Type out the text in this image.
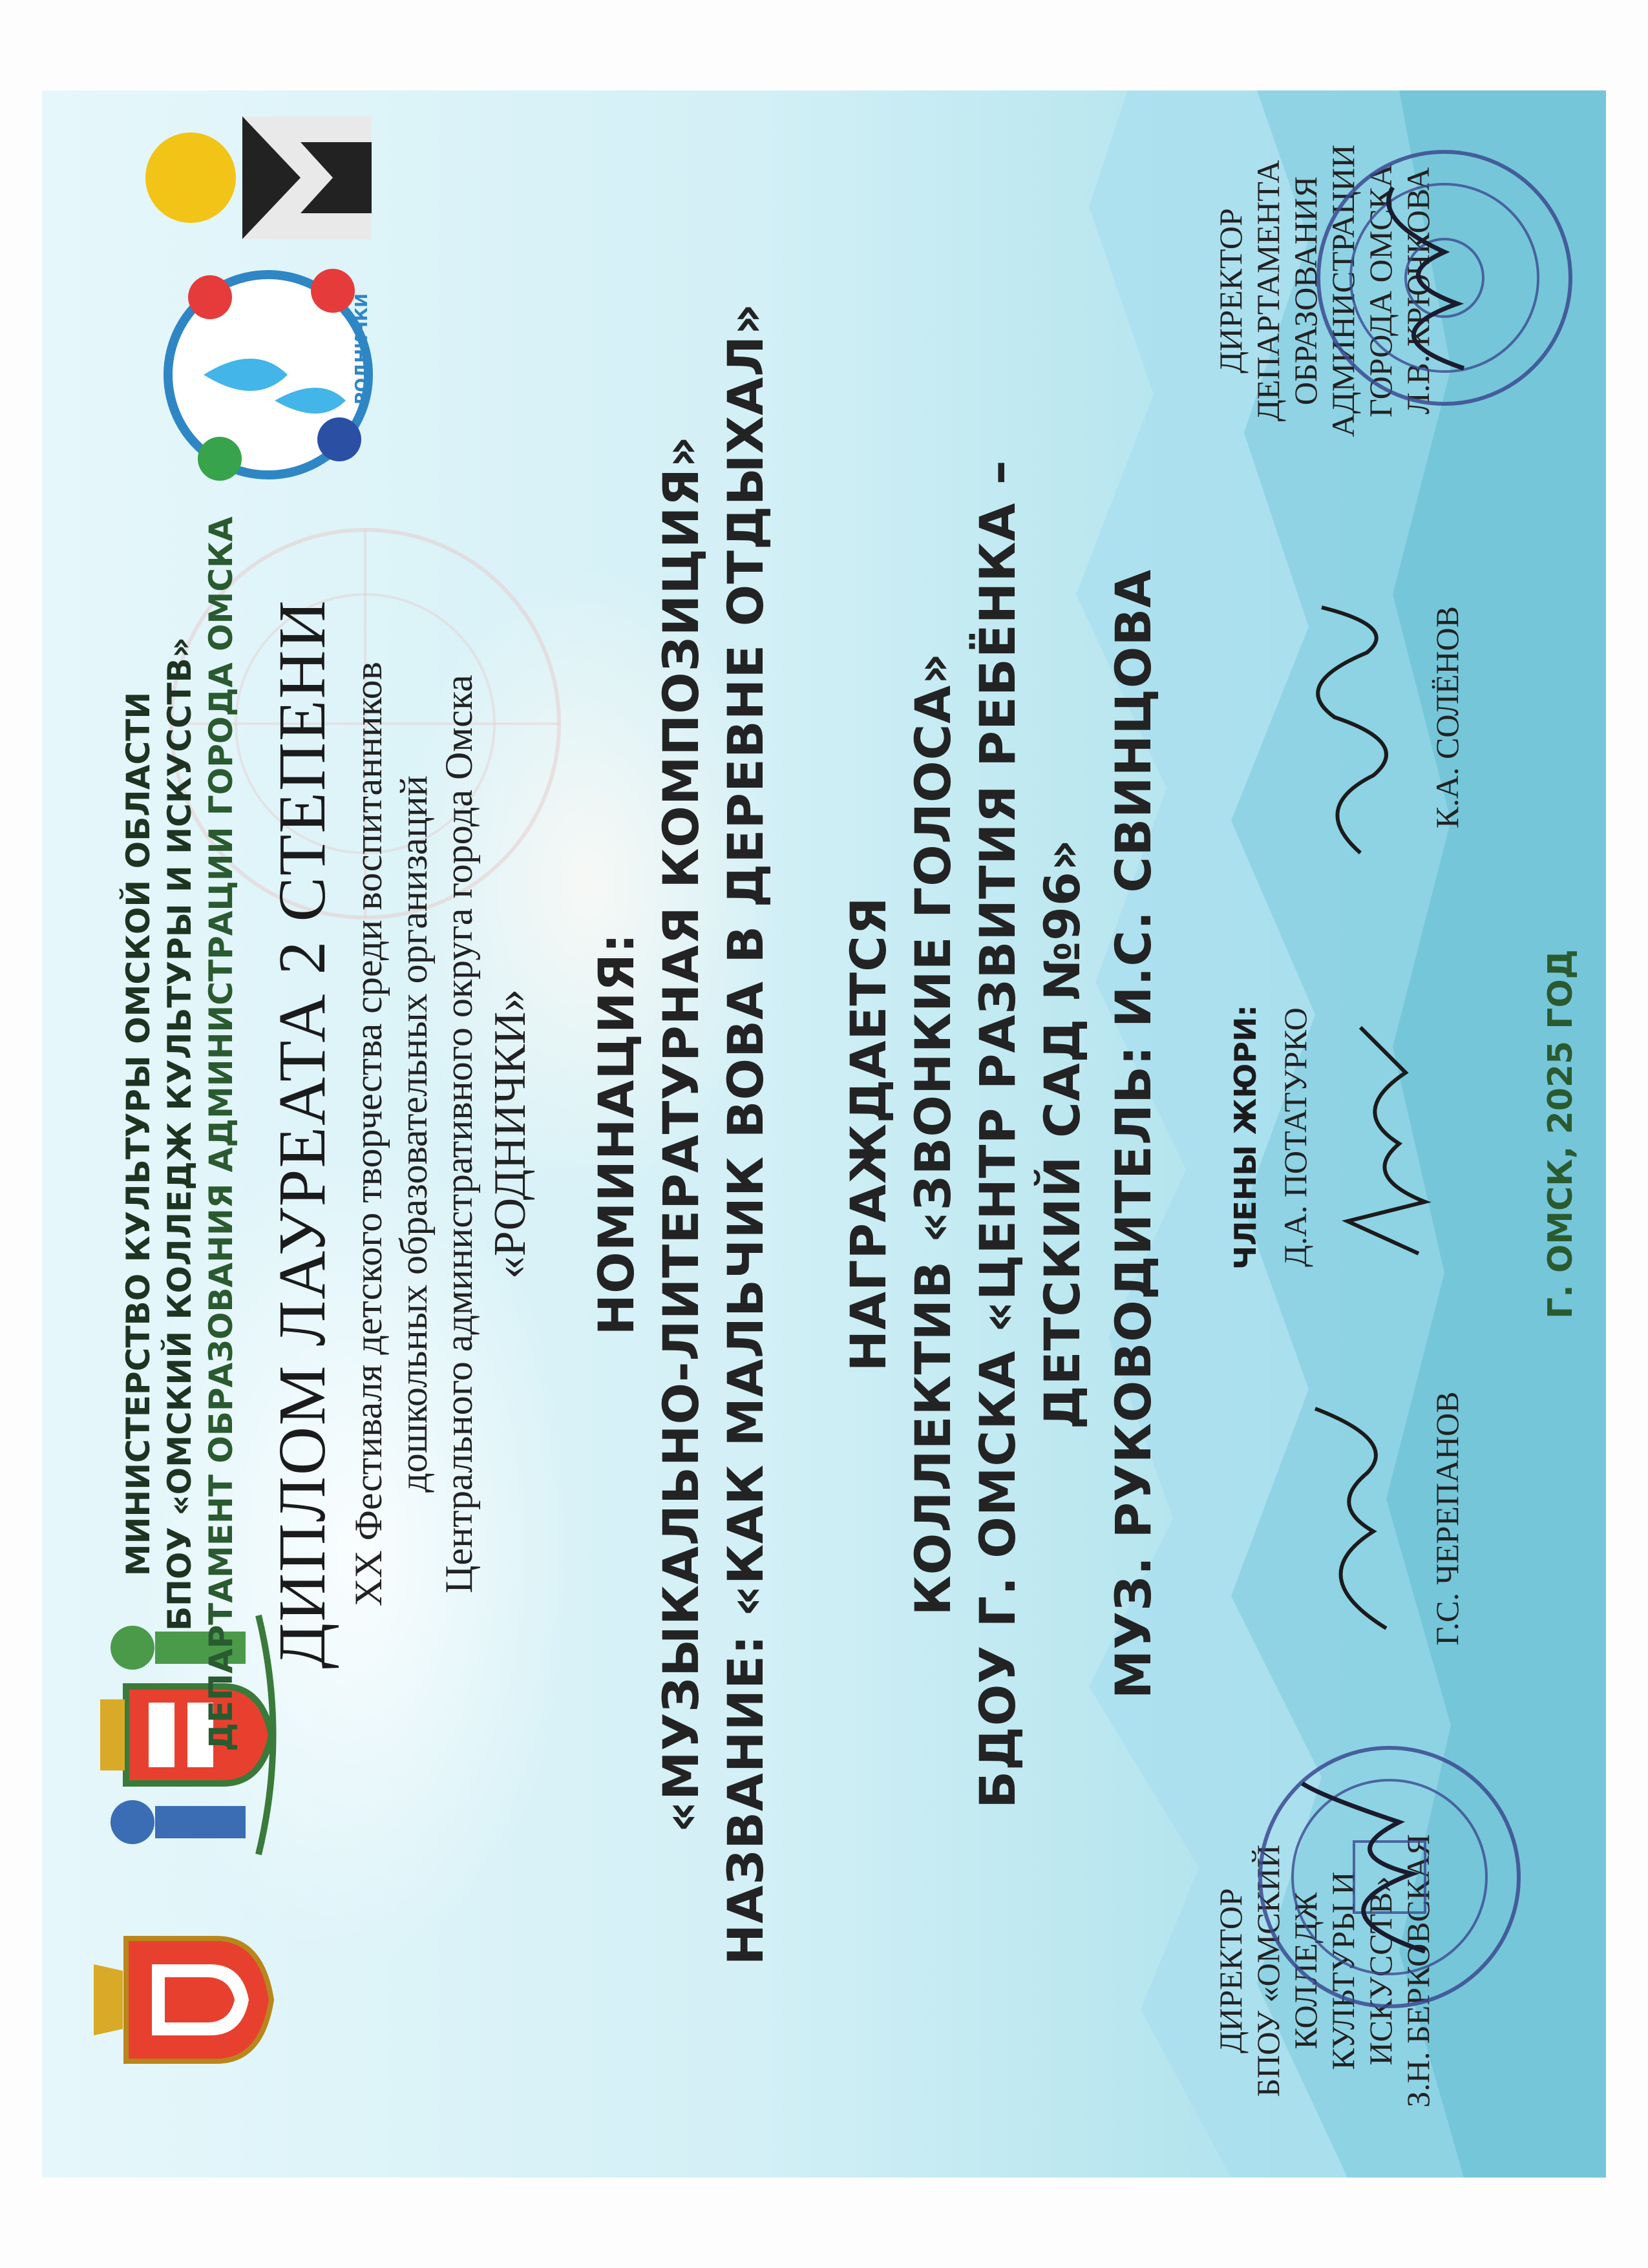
РОДНИЧКИ
МИНИСТЕРСТВО КУЛЬТУРЫ ОМСКОЙ ОБЛАСТИ БПОУ «ОМСКИЙ КОЛЛЕДЖ КУЛЬТУРЫ И ИСКУССТВ» ДЕПАРТАМЕНТ ОБРАЗОВАНИЯ АДМИНИСТРАЦИИ ГОРОДА ОМСКА ДИПЛОМ ЛАУРЕАТА 2 СТЕПЕНИ XX Фестиваля детского творчества среди воспитанников дошкольных образовательных организаций Центрального административного округа города Омска «РОДНИЧКИ» НОМИНАЦИЯ: «МУЗЫКАЛЬНО-ЛИТЕРАТУРНАЯ КОМПОЗИЦИЯ» НАЗВАНИЕ: «КАК МАЛЬЧИК ВОВА В ДЕРЕВНЕ ОТДЫХАЛ» НАГРАЖДАЕТСЯ КОЛЛЕКТИВ «ЗВОНКИЕ ГОЛОСА» БДОУ Г. ОМСКА «ЦЕНТР РАЗВИТИЯ РЕБЁНКА – ДЕТСКИЙ САД №96» МУЗ. РУКОВОДИТЕЛЬ: И.С. СВИНЦОВА
ДИРЕКТОР БПОУ «ОМСКИЙ КОЛЛЕДЖ КУЛЬТУРЫ И ИСКУССТВ» З.Н. БЕРКОВСКАЯ
ЧЛЕНЫ ЖЮРИ:
Г.С. ЧЕРЕПАНОВ
Д.А. ПОТАТУРКО
К.А. СОЛЁНОВ
ДИРЕКТОР ДЕПАРТАМЕНТА ОБРАЗОВАНИЯ АДМИНИСТРАЦИИ ГОРОДА ОМСКА Л.В. КРЮЧКОВА
Г. ОМСК, 2025 ГОД
